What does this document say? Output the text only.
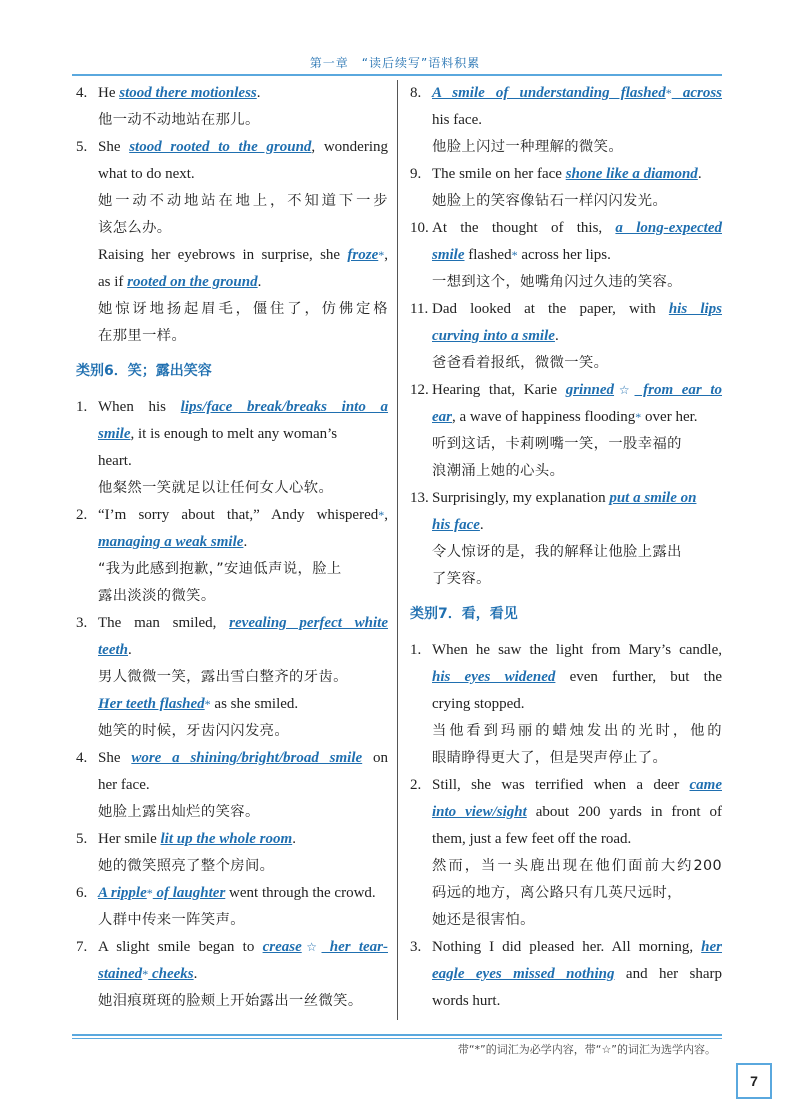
第一章　“读后续写”语料积累
4. He stood there motionless.
他一动不动地站在那儿。
5. She stood rooted to the ground, wondering
what to do next.
她一动不动地站在地上，不知道下一步
该怎么办。
Raising her eyebrows in surprise, she froze*,
as if rooted on the ground.
她惊讶地扬起眉毛，僵住了，仿佛定格
在那里一样。
类别6．笑；露出笑容
1. When his lips/face break/breaks into a
smile, it is enough to melt any woman’s
heart.
他粲然一笑就足以让任何女人心软。
2. “I’m sorry about that,” Andy whispered*,
managing a weak smile.
“我为此感到抱歉，”安迪低声说，脸上
露出淡淡的微笑。
3. The man smiled, revealing perfect white
teeth.
男人微微一笑，露出雪白整齐的牙齿。
Her teeth flashed* as she smiled.
她笑的时候，牙齿闪闪发亮。
4. She wore a shining/bright/broad smile on
her face.
她脸上露出灿烂的笑容。
5. Her smile lit up the whole room.
她的微笑照亮了整个房间。
6. A ripple* of laughter went through the crowd.
人群中传来一阵笑声。
7. A slight smile began to crease☆ her tear-
stained* cheeks.
她泪痕斑斑的脸颊上开始露出一丝微笑。
8. A smile of understanding flashed* across
his face.
他脸上闪过一种理解的微笑。
9. The smile on her face shone like a diamond.
她脸上的笑容像钻石一样闪闪发光。
10. At the thought of this, a long-expected
smile flashed* across her lips.
一想到这个，她嘴角闪过久违的笑容。
11. Dad looked at the paper, with his lips
curving into a smile.
爸爸看着报纸，微微一笑。
12. Hearing that, Karie grinned☆ from ear to
ear, a wave of happiness flooding* over her.
听到这话，卡莉咧嘴一笑，一股幸福的
浪潮涌上她的心头。
13. Surprisingly, my explanation put a smile on
his face.
令人惊讶的是，我的解释让他脸上露出
了笑容。
类别7．看，看见
1. When he saw the light from Mary’s candle,
his eyes widened even further, but the
crying stopped.
当他看到玛丽的蜡烛发出的光时，他的
眼睛睁得更大了，但是哭声停止了。
2. Still, she was terrified when a deer came
into view/sight about 200 yards in front of
them, just a few feet off the road.
然而，当一头鹿出现在他们面前大约200
码远的地方，离公路只有几英尺远时，
她还是很害怕。
3. Nothing I did pleased her. All morning, her
eagle eyes missed nothing and her sharp
words hurt.
带“*”的词汇为必学内容，带“☆”的词汇为选学内容。
7
